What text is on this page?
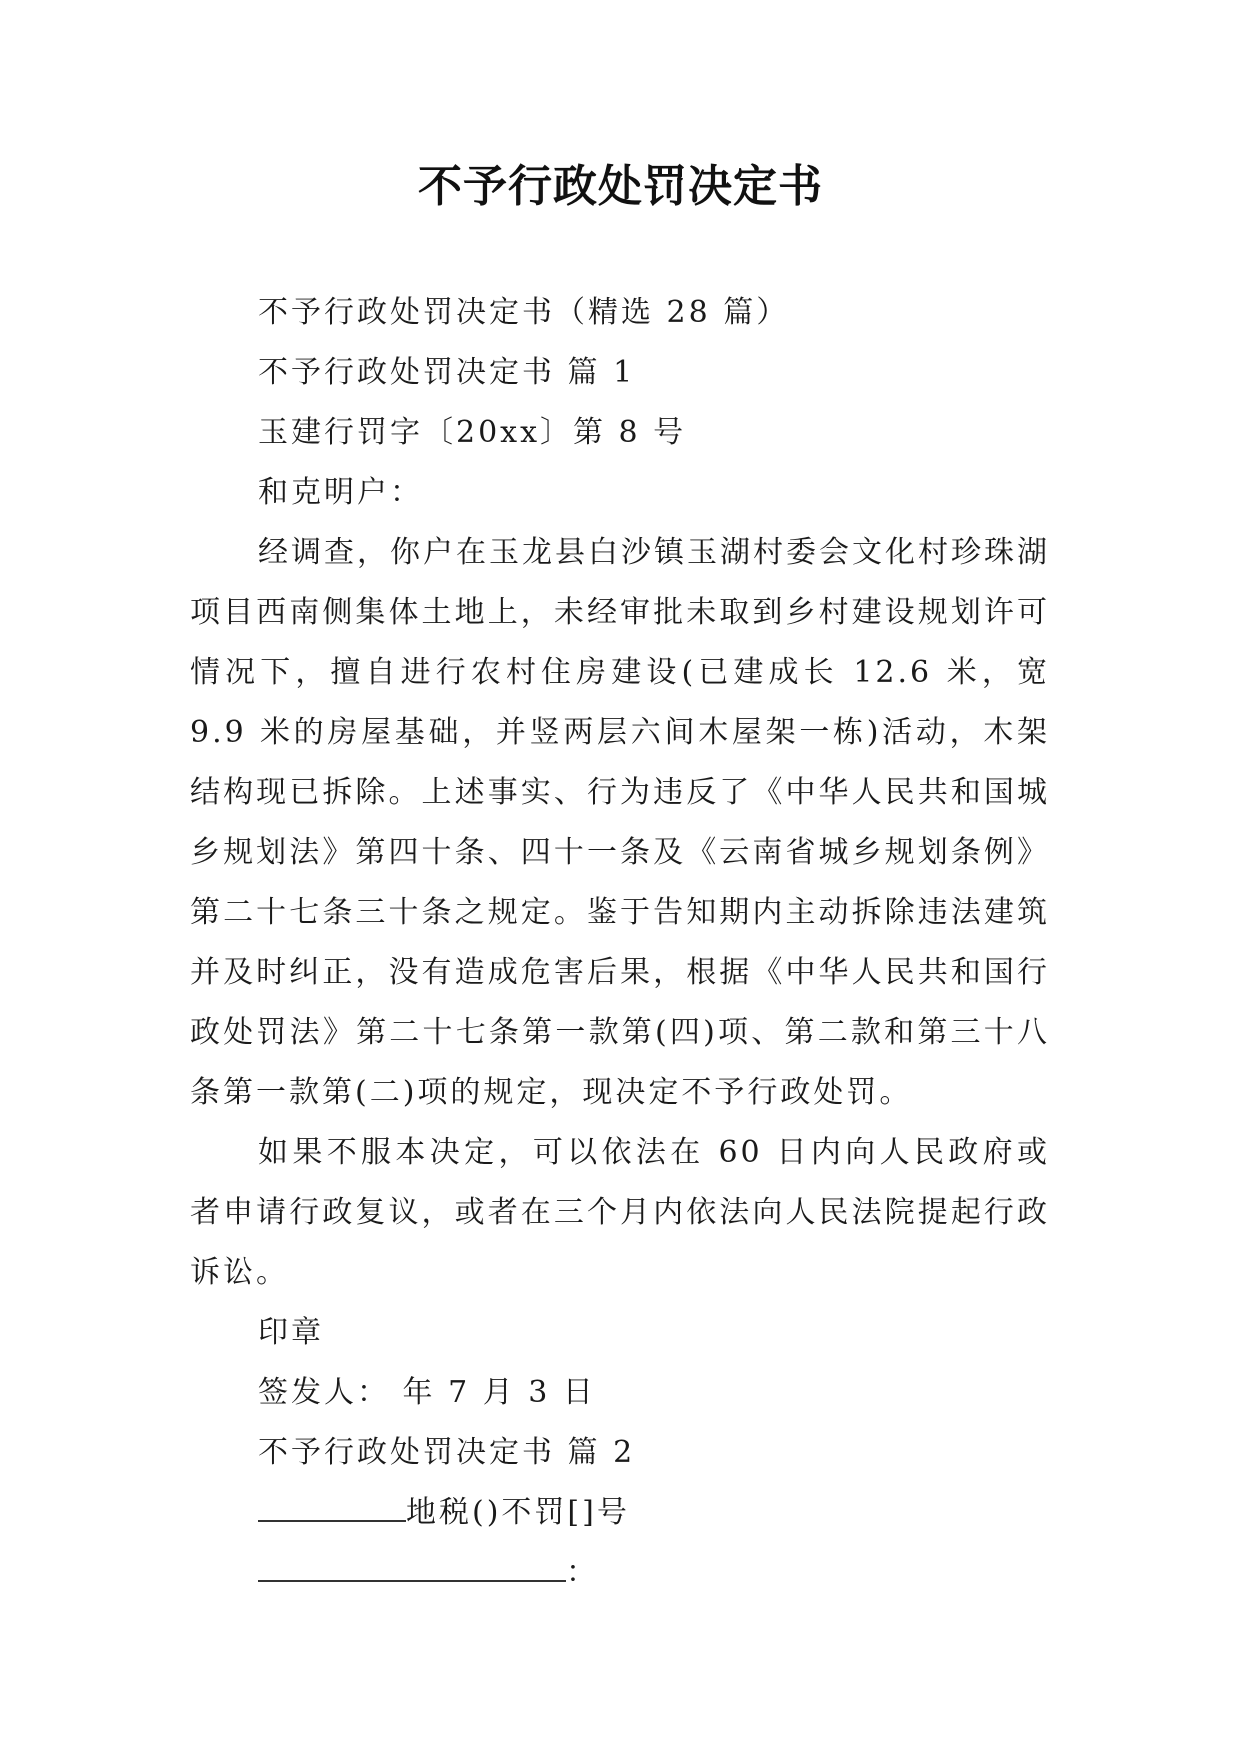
不予行政处罚决定书
不予行政处罚决定书（精选 28 篇）
不予行政处罚决定书 篇 1
玉建行罚字〔20xx〕第 8 号
和克明户：
经调查，你户在玉龙县白沙镇玉湖村委会文化村珍珠湖项目西南侧集体土地上，未经审批未取到乡村建设规划许可情况下，擅自进行农村住房建设(已建成长 12.6 米，宽 9.9 米的房屋基础，并竖两层六间木屋架一栋)活动，木架结构现已拆除。上述事实、行为违反了《中华人民共和国城乡规划法》第四十条、四十一条及《云南省城乡规划条例》第二十七条三十条之规定。鉴于告知期内主动拆除违法建筑并及时纠正，没有造成危害后果，根据《中华人民共和国行政处罚法》第二十七条第一款第(四)项、第二款和第三十八条第一款第(二)项的规定，现决定不予行政处罚。
如果不服本决定，可以依法在 60 日内向人民政府或者申请行政复议，或者在三个月内依法向人民法院提起行政诉讼。
印章
签发人： 年 7 月 3 日
不予行政处罚决定书 篇 2
地税()不罚[]号
：
